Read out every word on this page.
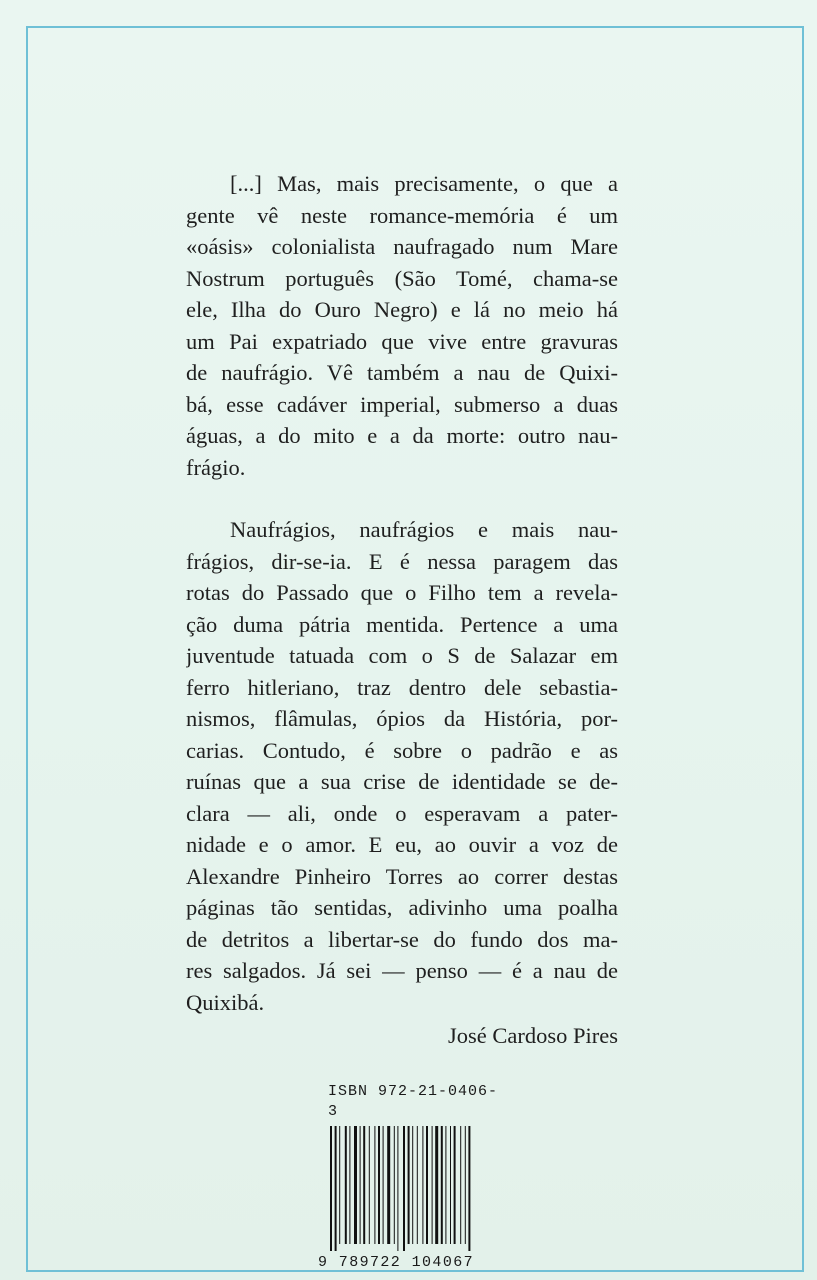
[...] Mas, mais precisamente, o que a
gente vê neste romance-memória é um
«oásis» colonialista naufragado num Mare
Nostrum português (São Tomé, chama-se
ele, Ilha do Ouro Negro) e lá no meio há
um Pai expatriado que vive entre gravuras
de naufrágio. Vê também a nau de Quixi-
bá, esse cadáver imperial, submerso a duas
águas, a do mito e a da morte: outro nau-
frágio.
Naufrágios, naufrágios e mais nau-
frágios, dir-se-ia. E é nessa paragem das
rotas do Passado que o Filho tem a revela-
ção duma pátria mentida. Pertence a uma
juventude tatuada com o S de Salazar em
ferro hitleriano, traz dentro dele sebastia-
nismos, flâmulas, ópios da História, por-
carias. Contudo, é sobre o padrão e as
ruínas que a sua crise de identidade se de-
clara — ali, onde o esperavam a pater-
nidade e o amor. E eu, ao ouvir a voz de
Alexandre Pinheiro Torres ao correr destas
páginas tão sentidas, adivinho uma poalha
de detritos a libertar-se do fundo dos ma-
res salgados. Já sei — penso — é a nau de
Quixibá.
José Cardoso Pires
ISBN 972-21-0406-3
9 789722 104067
